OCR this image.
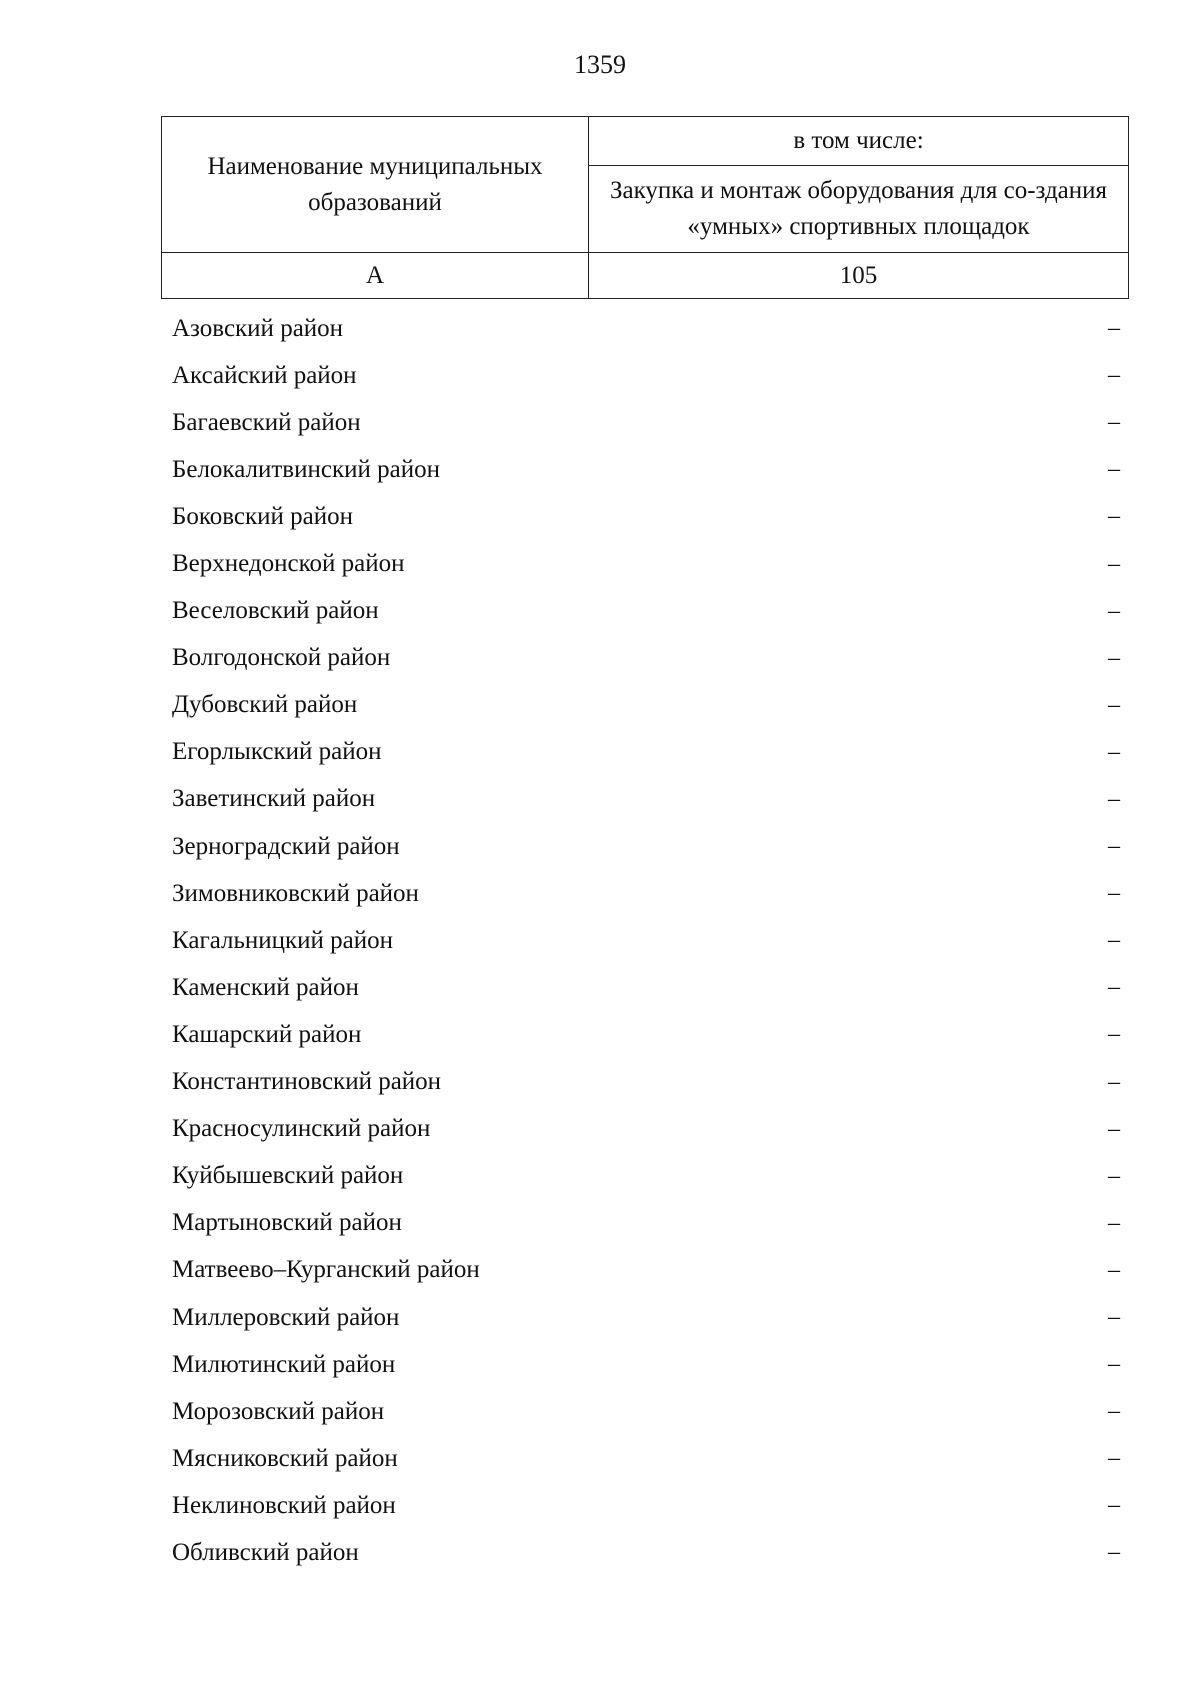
1359
Наименование муниципальных образований	в том числе:
	Закупка и монтаж оборудования для со-здания «умных» спортивных площадок
А	105
Азовский район	–
Аксайский район	–
Багаевский район	–
Белокалитвинский район	–
Боковский район	–
Верхнедонской район	–
Веселовский район	–
Волгодонской район	–
Дубовский район	–
Егорлыкский район	–
Заветинский район	–
Зерноградский район	–
Зимовниковский район	–
Кагальницкий район	–
Каменский район	–
Кашарский район	–
Константиновский район	–
Красносулинский район	–
Куйбышевский район	–
Мартыновский район	–
Матвеево–Курганский район	–
Миллеровский район	–
Милютинский район	–
Морозовский район	–
Мясниковский район	–
Неклиновский район	–
Обливский район	–
